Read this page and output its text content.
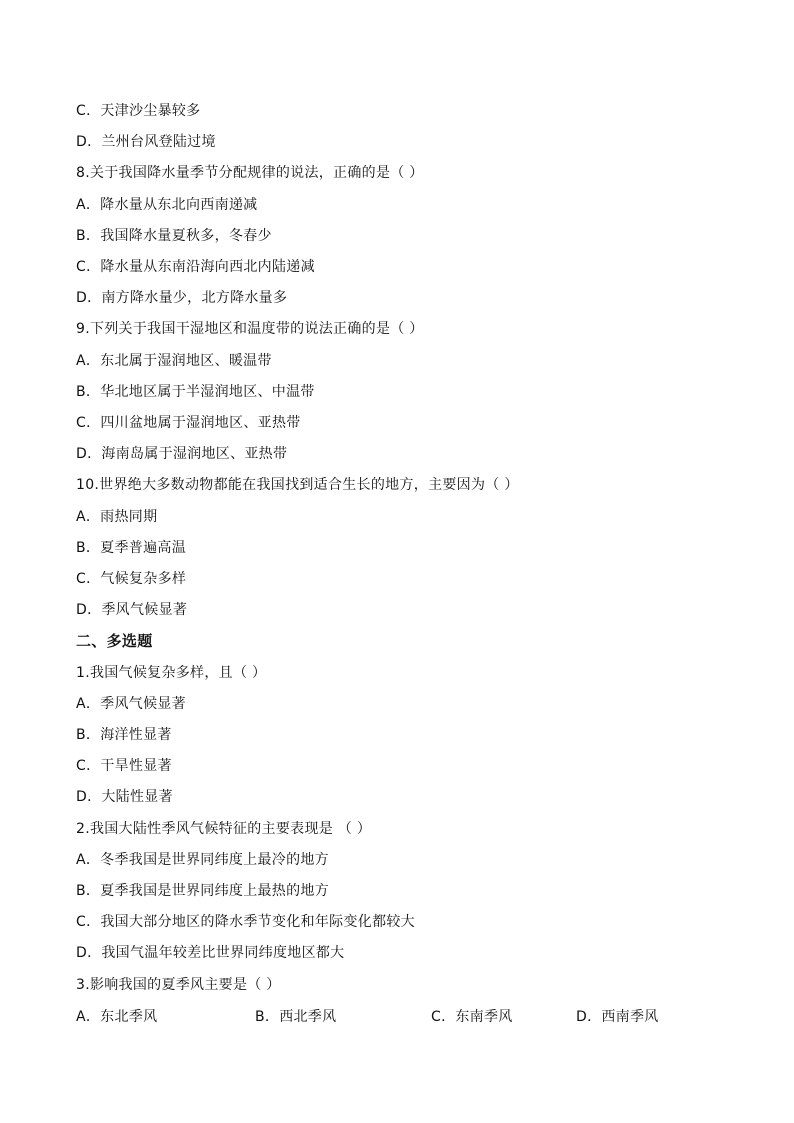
C．天津沙尘暴较多
D．兰州台风登陆过境
8.关于我国降水量季节分配规律的说法，正确的是（ ）
A．降水量从东北向西南递减
B．我国降水量夏秋多，冬春少
C．降水量从东南沿海向西北内陆递减
D．南方降水量少，北方降水量多
9.下列关于我国干湿地区和温度带的说法正确的是（ ）
A．东北属于湿润地区、暖温带
B．华北地区属于半湿润地区、中温带
C．四川盆地属于湿润地区、亚热带
D．海南岛属于湿润地区、亚热带
10.世界绝大多数动物都能在我国找到适合生长的地方，主要因为（ ）
A．雨热同期
B．夏季普遍高温
C．气候复杂多样
D．季风气候显著
二、多选题
1.我国气候复杂多样，且（ ）
A．季风气候显著
B．海洋性显著
C．干旱性显著
D．大陆性显著
2.我国大陆性季风气候特征的主要表现是 （ ）
A．冬季我国是世界同纬度上最冷的地方
B．夏季我国是世界同纬度上最热的地方
C．我国大部分地区的降水季节变化和年际变化都较大
D．我国气温年较差比世界同纬度地区都大
3.影响我国的夏季风主要是（ ）
A．东北季风	B．西北季风	C．东南季风	D．西南季风
